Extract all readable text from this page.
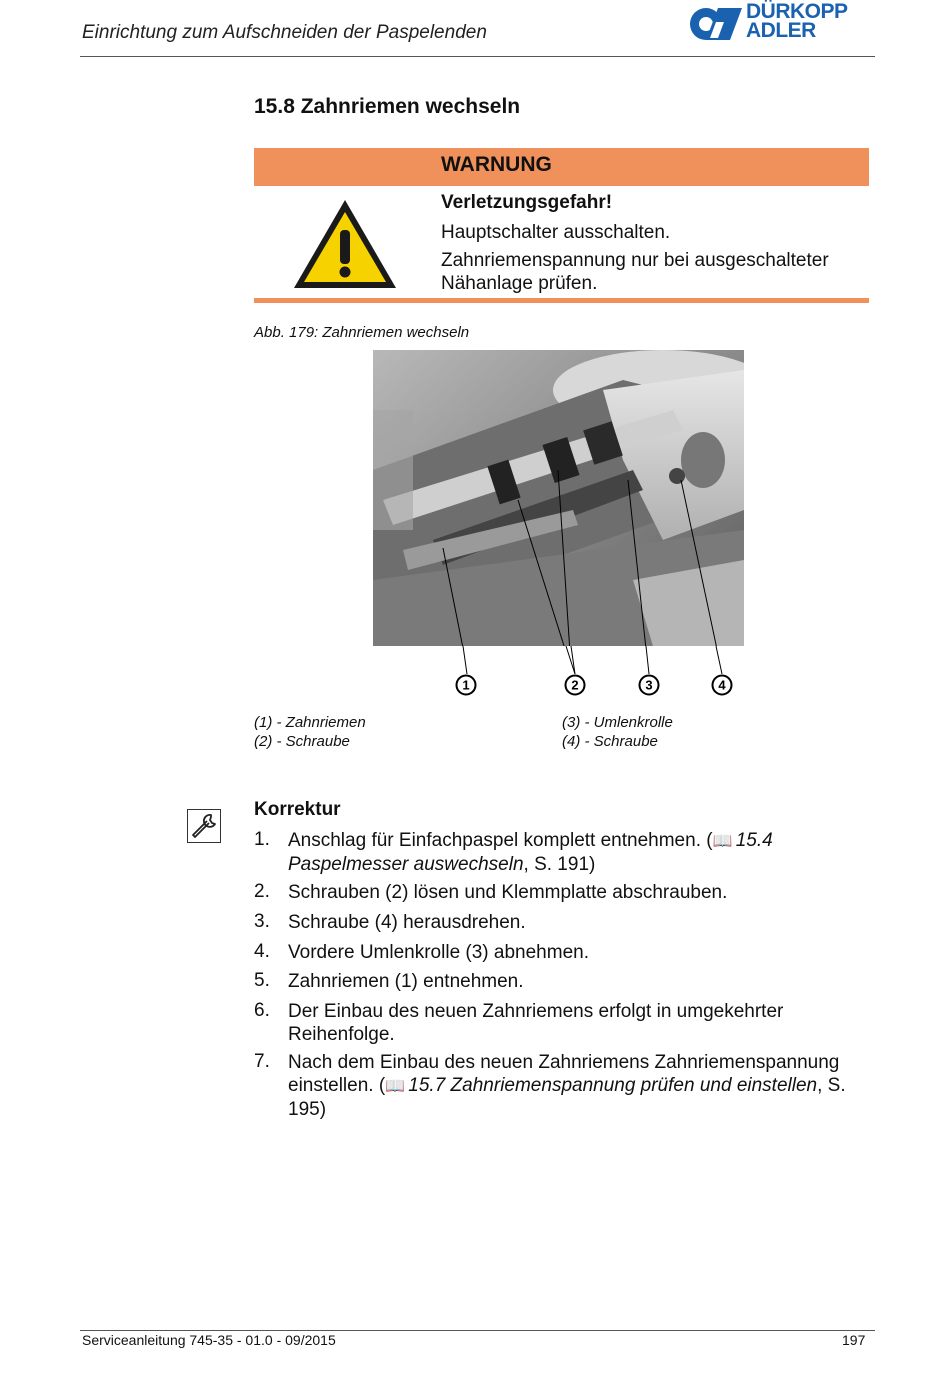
Einrichtung zum Aufschneiden der Paspelenden
DÜRKOPP
ADLER
15.8 Zahnriemen wechseln
WARNUNG
Verletzungsgefahr!
Hauptschalter ausschalten.
Zahnriemenspannung nur bei ausgeschalteter Nähanlage prüfen.
Abb. 179: Zahnriemen wechseln
1	2	3	4
(1) - Zahnriemen
(2) - Schraube
(3) - Umlenkrolle
(4) - Schraube
Korrektur
1. Anschlag für Einfachpaspel komplett entnehmen. (📖 15.4 Paspelmesser auswechseln, S. 191)
2. Schrauben (2) lösen und Klemmplatte abschrauben.
3. Schraube (4) herausdrehen.
4. Vordere Umlenkrolle (3) abnehmen.
5. Zahnriemen (1) entnehmen.
6. Der Einbau des neuen Zahnriemens erfolgt in umgekehrter Reihenfolge.
7. Nach dem Einbau des neuen Zahnriemens Zahnriemenspannung einstellen. (📖 15.7 Zahnriemenspannung prüfen und einstellen, S. 195)
Serviceanleitung 745-35 - 01.0 - 09/2015	197
